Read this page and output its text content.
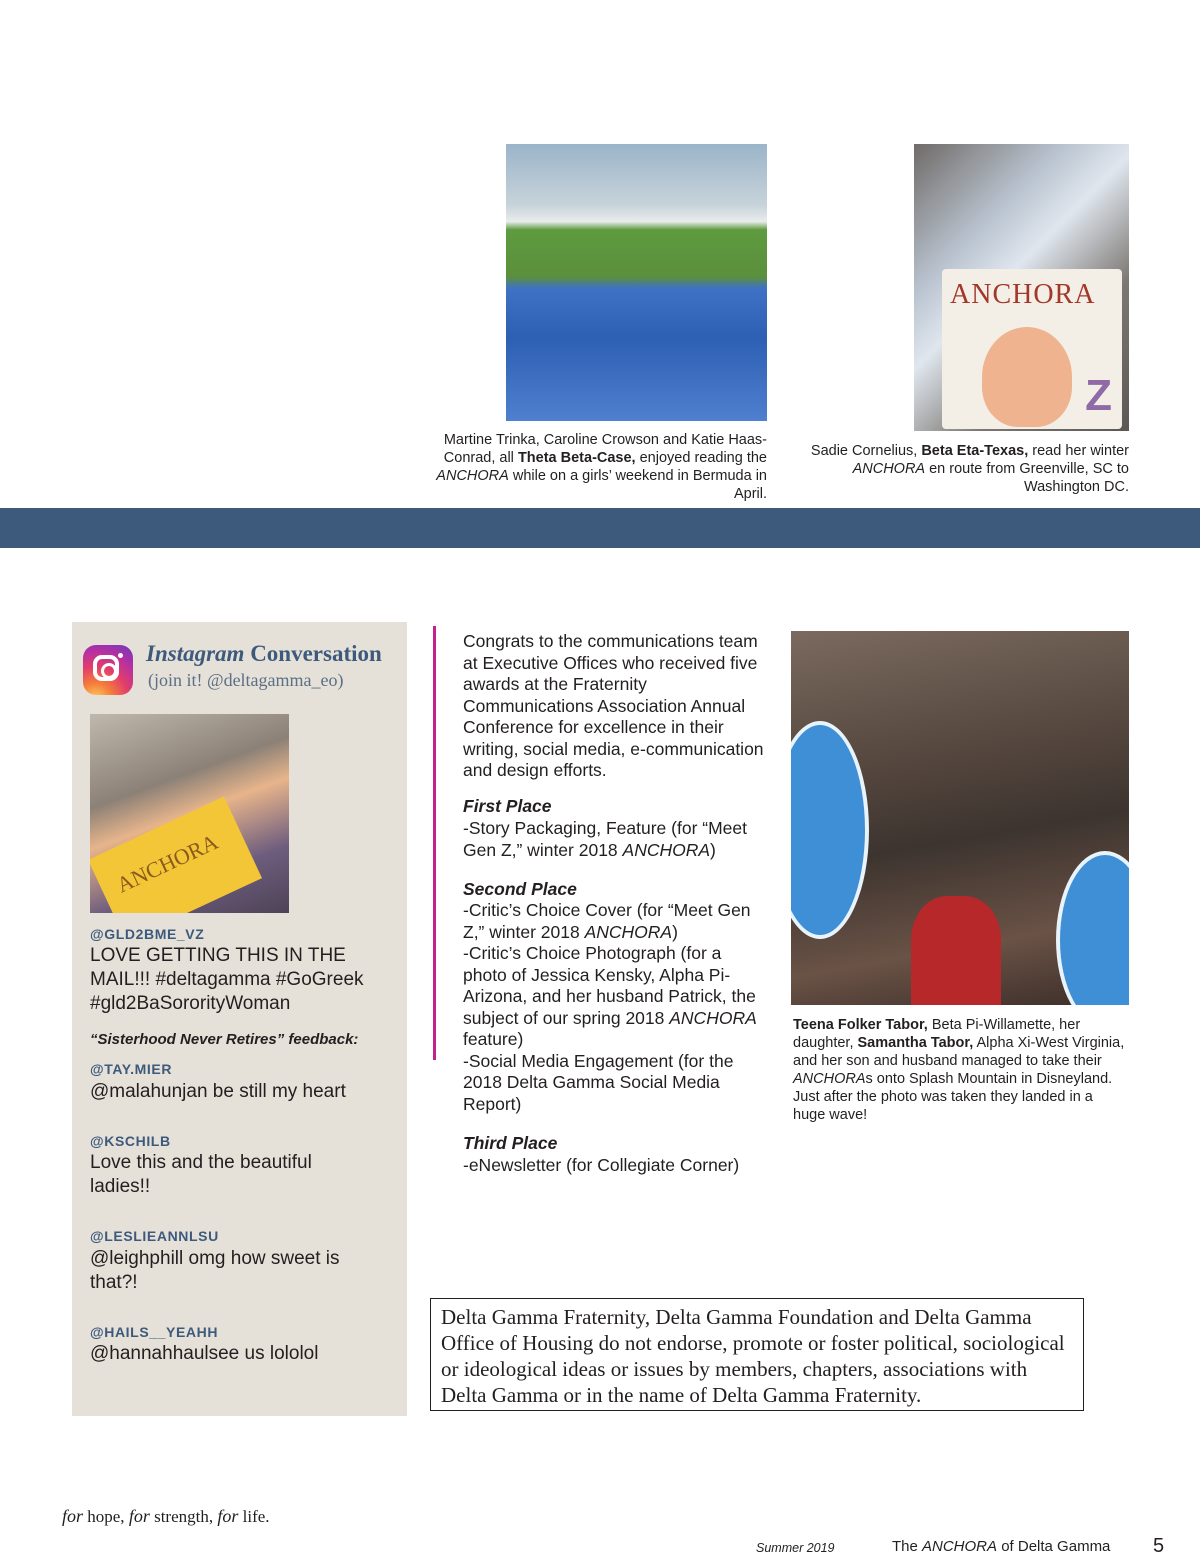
Martine Trinka, Caroline Crowson and Katie Haas-Conrad, all Theta Beta-Case, enjoyed reading the ANCHORA while on a girls’ weekend in Bermuda in April.
ANCHORA
Z
Sadie Cornelius, Beta Eta-Texas, read her winter ANCHORA en route from Greenville, SC to Washington DC.
Instagram Conversation
(join it! @deltagamma_eo)
ANCHORA
@GLD2BME_VZ
LOVE GETTING THIS IN THE MAIL!!! #deltagamma #GoGreek #gld2BaSororityWoman
“Sisterhood Never Retires” feedback:
@TAY.MIER
@malahunjan be still my heart
@KSCHILB
Love this and the beautiful ladies!!
@LESLIEANNLSU
@leighphill omg how sweet is that?!
@HAILS__YEAHH
@hannahhaulsee us lololol
Congrats to the communications team at Executive Offices who received five awards at the Fraternity Communications Association Annual Conference for excellence in their writing, social media, e-communication and design efforts.
First Place
-Story Packaging, Feature (for “Meet Gen Z,” winter 2018 ANCHORA)
Second Place
-Critic’s Choice Cover (for “Meet Gen Z,” winter 2018 ANCHORA)
-Critic’s Choice Photograph (for a photo of Jessica Kensky, Alpha Pi-Arizona, and her husband Patrick, the subject of our spring 2018 ANCHORA feature)
-Social Media Engagement (for the 2018 Delta Gamma Social Media Report)
Third Place
-eNewsletter (for Collegiate Corner)
Teena Folker Tabor, Beta Pi-Willamette, her daughter, Samantha Tabor, Alpha Xi-West Virginia, and her son and husband managed to take their ANCHORAs onto Splash Mountain in Disneyland. Just after the photo was taken they landed in a huge wave!
Delta Gamma Fraternity, Delta Gamma Foundation and Delta Gamma Office of Housing do not endorse, promote or foster political, sociological or ideological ideas or issues by members, chapters, associations with Delta Gamma or in the name of Delta Gamma Fraternity.
for hope, for strength, for life.
Summer 2019	The ANCHORA of Delta Gamma 5
